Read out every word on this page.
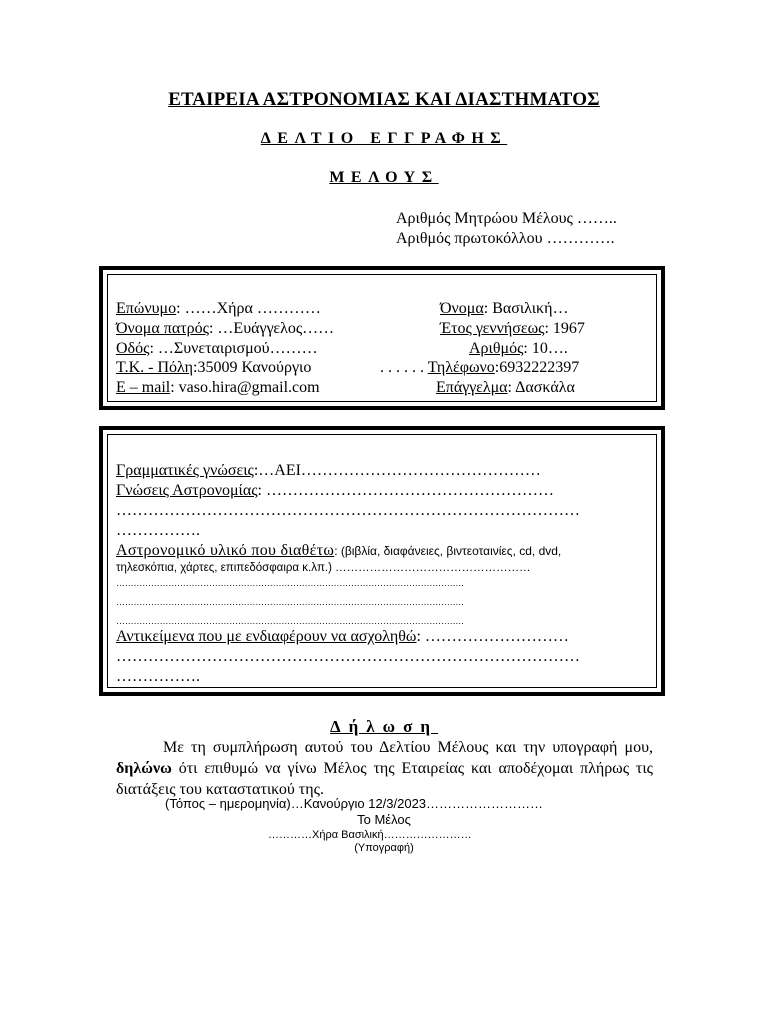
ΕΤΑΙΡΕΙΑ ΑΣΤΡΟΝΟΜΙΑΣ ΚΑΙ ΔΙΑΣΤΗΜΑΤΟΣ
ΔΕΛΤΙΟ ΕΓΓΡΑΦΗΣ
ΜΕΛΟΥΣ
Αριθμός Μητρώου Μέλους ……..
Αριθμός πρωτοκόλλου ………….
Επώνυμο: ……Χήρα …………	Όνομα: Βασιλική…
Όνομα πατρός: …Ευάγγελος……	Έτος γεννήσεως: 1967
Οδός: …Συνεταιρισμού………	Αριθμός: 10….
Τ.Κ. - Πόλη:35009 Κανούργιο	. . . . . . Τηλέφωνο:6932222397
E – mail: vaso.hira@gmail.com	Επάγγελμα: Δασκάλα
Γραμματικές γνώσεις:…ΑΕΙ………………………………………
Γνώσεις Αστρονομίας: ………………………………………………
……………………………………………………………………………
…………….
Αστρονομικό υλικό που διαθέτω: (βιβλία, διαφάνειες, βιντεοταινίες, cd, dvd,
τηλεσκόπια, χάρτες, επιπεδόσφαιρα κ.λπ.) ……………………………………………
…………………………………………………………………………………………………………
…………………………………………………………………………………………………………
…………………………………………………………………………………………………………
Αντικείμενα που με ενδιαφέρουν να ασχοληθώ: ………………………
……………………………………………………………………………
…………….
Δήλωση
Με τη συμπλήρωση αυτού του Δελτίου Μέλους και την υπογραφή μου, δηλώνω ότι επιθυμώ να γίνω Μέλος της Εταιρείας και αποδέχομαι πλήρως τις διατάξεις του καταστατικού της.
(Τόπος – ημερομηνία)…Κανούργιο 12/3/2023………………………
Το Μέλος
…………Χήρα Βασιλική……………………
(Υπογραφή)
